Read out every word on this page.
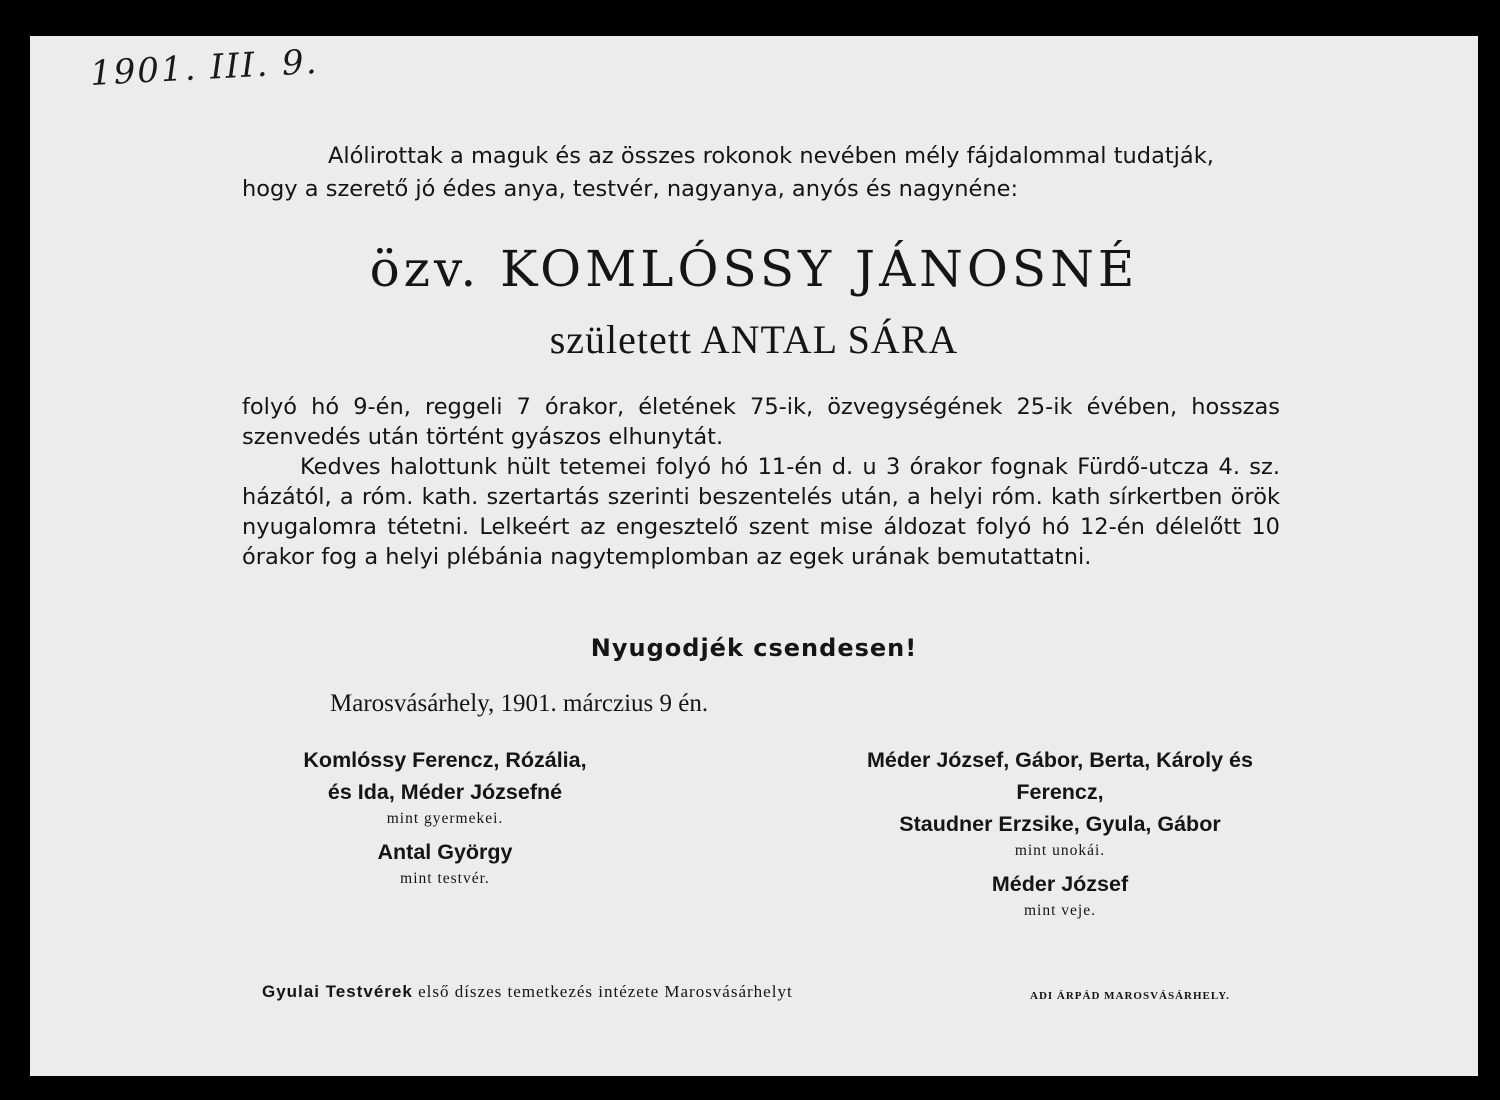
1901. III. 9.
Alólirottak a maguk és az összes rokonok nevében mély fájdalommal tudatják,
hogy a szerető jó édes anya, testvér, nagyanya, anyós és nagynéne:
özv. KOMLÓSSY JÁNOSNÉ
született ANTAL SÁRA

folyó hó 9-én, reggeli 7 órakor, életének 75-ik, özvegységének 25-ik évében, hosszas szenvedés után történt gyászos elhunytát.

Kedves halottunk hült tetemei folyó hó 11-én d. u 3 órakor fognak Fürdő-utcza 4. sz. házától, a róm. kath. szertartás szerinti beszentelés után, a helyi róm. kath sírkertben örök nyugalomra tétetni. Lelkeért az engesztelő szent mise áldozat folyó hó 12-én délelőtt 10 órakor fog a helyi plébánia nagytemplomban az egek urának bemutattatni.

Nyugodjék csendesen!
Marosvásárhely, 1901. márczius 9 én.
Komlóssy Ferencz, Rózália,
és Ida, Méder Józsefné
mint gyermekei.
Antal György
mint testvér.
Méder József, Gábor, Berta, Károly és
Ferencz,
Staudner Erzsike, Gyula, Gábor
mint unokái.
Méder József
mint veje.
Gyulai Testvérek első díszes temetkezés intézete Marosvásárhelyt	ADI ÁRPÁD MAROSVÁSÁRHELY.
